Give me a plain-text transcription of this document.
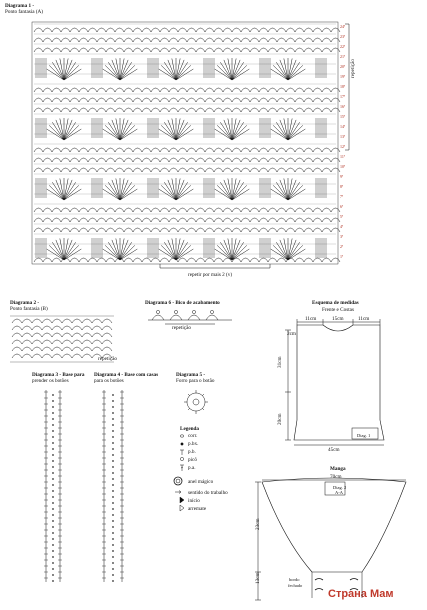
Diagrama 1 -
Ponto fantasia (A)
repetição
repetir por mais 2 (v)
Diagrama 2 -
Ponto fantasia (B)
repetição
Diagrama 6 - Bico de acabamento
repetição
Diagrama 3 - Base para
prender os botões
Diagrama 4 - Base com casas
para os botões
Diagrama 5 -
Forro para o botão
Legenda
corr.
p.bx.
p.b.
picô
p.a.
anel mágico
sentido do trabalho
início
arremate
Esquema de medidas
Frente e Costas
11cm	15cm	11cm
2cm
31cm
20cm
45cm
Diag. 1
Manga
70cm
Diag. 2
A-A
23cm
13cm	bordo
fechado
Страна Мам
24ª
23ª
22ª
21ª
20ª
19ª
18ª
17ª
16ª
15ª
14ª
13ª
12ª
11ª
10ª
9ª
8ª
7ª
6ª
5ª
4ª
3ª
2ª
1ª
